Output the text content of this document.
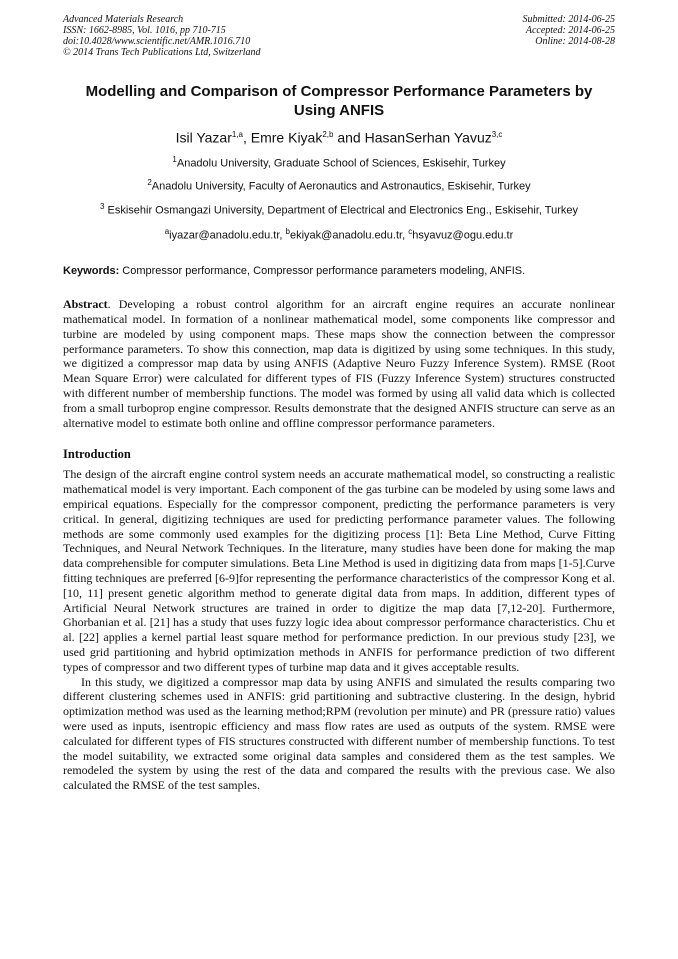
Advanced Materials Research
ISSN: 1662-8985, Vol. 1016, pp 710-715
doi:10.4028/www.scientific.net/AMR.1016.710
© 2014 Trans Tech Publications Ltd, Switzerland
Submitted: 2014-06-25
Accepted: 2014-06-25
Online: 2014-08-28
Modelling and Comparison of Compressor Performance Parameters by Using ANFIS
Isil Yazar$^{1,a}$, Emre Kiyak$^{2,b}$ and HasanSerhan Yavuz$^{3,c}$
$^1$Anadolu University, Graduate School of Sciences, Eskisehir, Turkey
$^2$Anadolu University, Faculty of Aeronautics and Astronautics, Eskisehir, Turkey
$^3$ Eskisehir Osmangazi University, Department of Electrical and Electronics Eng., Eskisehir, Turkey
$^a$iyazar@anadolu.edu.tr, $^b$ekiyak@anadolu.edu.tr, $^c$hsyavuz@ogu.edu.tr
Keywords: Compressor performance, Compressor performance parameters modeling, ANFIS.
Abstract. Developing a robust control algorithm for an aircraft engine requires an accurate nonlinear mathematical model. In formation of a nonlinear mathematical model, some components like compressor and turbine are modeled by using component maps. These maps show the connection between the compressor performance parameters. To show this connection, map data is digitized by using some techniques. In this study, we digitized a compressor map data by using ANFIS (Adaptive Neuro Fuzzy Inference System). RMSE (Root Mean Square Error) were calculated for different types of FIS (Fuzzy Inference System) structures constructed with different number of membership functions. The model was formed by using all valid data which is collected from a small turboprop engine compressor. Results demonstrate that the designed ANFIS structure can serve as an alternative model to estimate both online and offline compressor performance parameters.
Introduction
The design of the aircraft engine control system needs an accurate mathematical model, so constructing a realistic mathematical model is very important. Each component of the gas turbine can be modeled by using some laws and empirical equations. Especially for the compressor component, predicting the performance parameters is very critical. In general, digitizing techniques are used for predicting performance parameter values. The following methods are some commonly used examples for the digitizing process [1]: Beta Line Method, Curve Fitting Techniques, and Neural Network Techniques. In the literature, many studies have been done for making the map data comprehensible for computer simulations. Beta Line Method is used in digitizing data from maps [1-5].Curve fitting techniques are preferred [6-9]for representing the performance characteristics of the compressor Kong et al. [10, 11] present genetic algorithm method to generate digital data from maps. In addition, different types of Artificial Neural Network structures are trained in order to digitize the map data [7,12-20]. Furthermore, Ghorbanian et al. [21] has a study that uses fuzzy logic idea about compressor performance characteristics. Chu et al. [22] applies a kernel partial least square method for performance prediction. In our previous study [23], we used grid partitioning and hybrid optimization methods in ANFIS for performance prediction of two different types of compressor and two different types of turbine map data and it gives acceptable results.
In this study, we digitized a compressor map data by using ANFIS and simulated the results comparing two different clustering schemes used in ANFIS: grid partitioning and subtractive clustering. In the design, hybrid optimization method was used as the learning method;RPM (revolution per minute) and PR (pressure ratio) values were used as inputs, isentropic efficiency and mass flow rates are used as outputs of the system. RMSE were calculated for different types of FIS structures constructed with different number of membership functions. To test the model suitability, we extracted some original data samples and considered them as the test samples. We remodeled the system by using the rest of the data and compared the results with the previous case. We also calculated the RMSE of the test samples.
